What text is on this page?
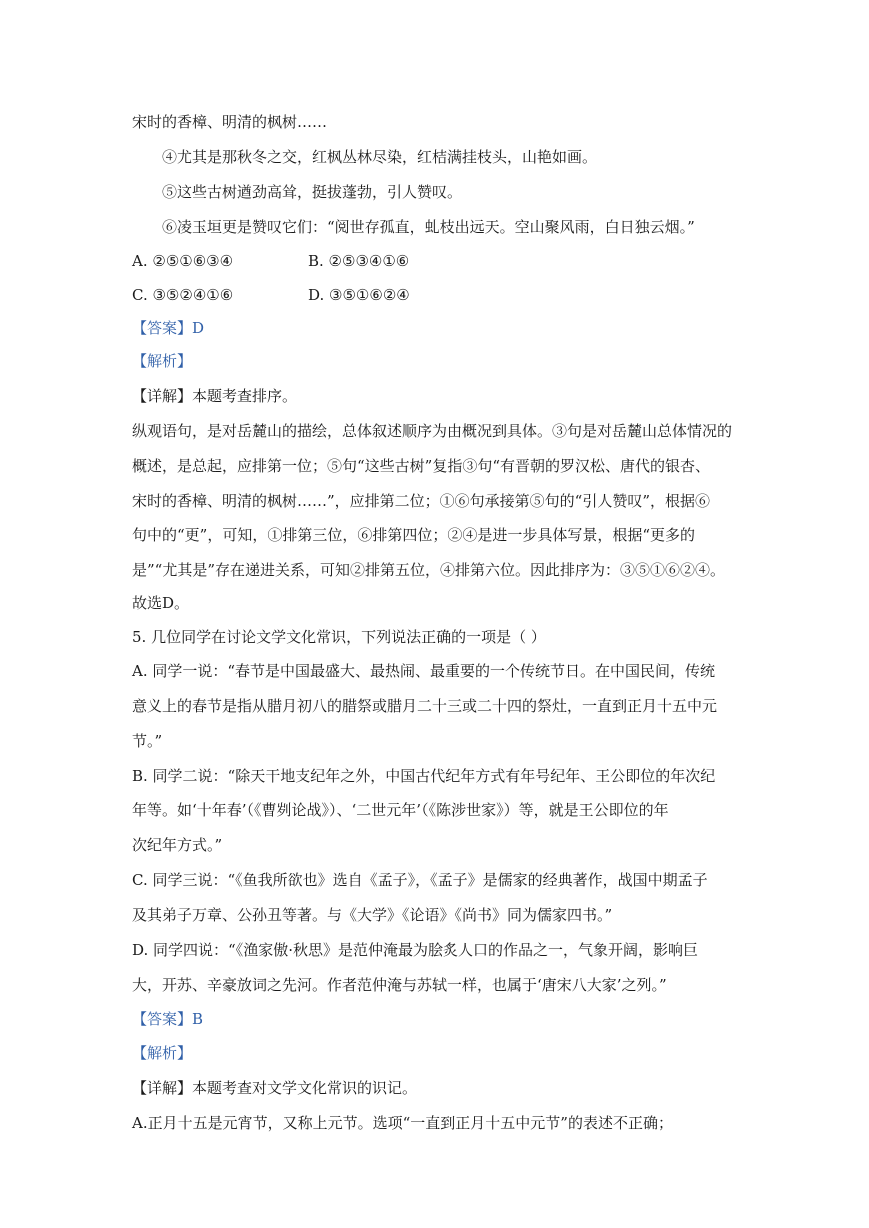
宋时的香樟、明清的枫树……
④尤其是那秋冬之交，红枫丛林尽染，红桔满挂枝头，山艳如画。
⑤这些古树遒劲高耸，挺拔蓬勃，引人赞叹。
⑥凌玉垣更是赞叹它们：“阅世存孤直，虬枝出远天。空山聚风雨，白日独云烟。”
A. ②⑤①⑥③④	B. ②⑤③④①⑥
C. ③⑤②④①⑥	D. ③⑤①⑥②④
【答案】D
【解析】
【详解】本题考查排序。
纵观语句，是对岳麓山的描绘，总体叙述顺序为由概况到具体。③句是对岳麓山总体情况的
概述，是总起，应排第一位；⑤句“这些古树”复指③句“有晋朝的罗汉松、唐代的银杏、
宋时的香樟、明清的枫树……”，应排第二位；①⑥句承接第⑤句的“引人赞叹”，根据⑥
句中的“更”，可知，①排第三位，⑥排第四位；②④是进一步具体写景，根据“更多的
是”“尤其是”存在递进关系，可知②排第五位，④排第六位。因此排序为：③⑤①⑥②④。
故选D。
5. 几位同学在讨论文学文化常识，下列说法正确的一项是（ ）
A. 同学一说：“春节是中国最盛大、最热闹、最重要的一个传统节日。在中国民间，传统
意义上的春节是指从腊月初八的腊祭或腊月二十三或二十四的祭灶，一直到正月十五中元
节。”
B. 同学二说：“除天干地支纪年之外，中国古代纪年方式有年号纪年、王公即位的年次纪
年等。如‘十年春’（《曹刿论战》）、‘二世元年’（《陈涉世家》）等，就是王公即位的年
次纪年方式。”
C. 同学三说：“《鱼我所欲也》选自《孟子》，《孟子》是儒家的经典著作，战国中期孟子
及其弟子万章、公孙丑等著。与《大学》《论语》《尚书》同为儒家四书。”
D. 同学四说：“《渔家傲·秋思》是范仲淹最为脍炙人口的作品之一，气象开阔，影响巨
大，开苏、辛豪放词之先河。作者范仲淹与苏轼一样，也属于‘唐宋八大家’之列。”
【答案】B
【解析】
【详解】本题考查对文学文化常识的识记。
A.正月十五是元宵节，又称上元节。选项“一直到正月十五中元节”的表述不正确；
